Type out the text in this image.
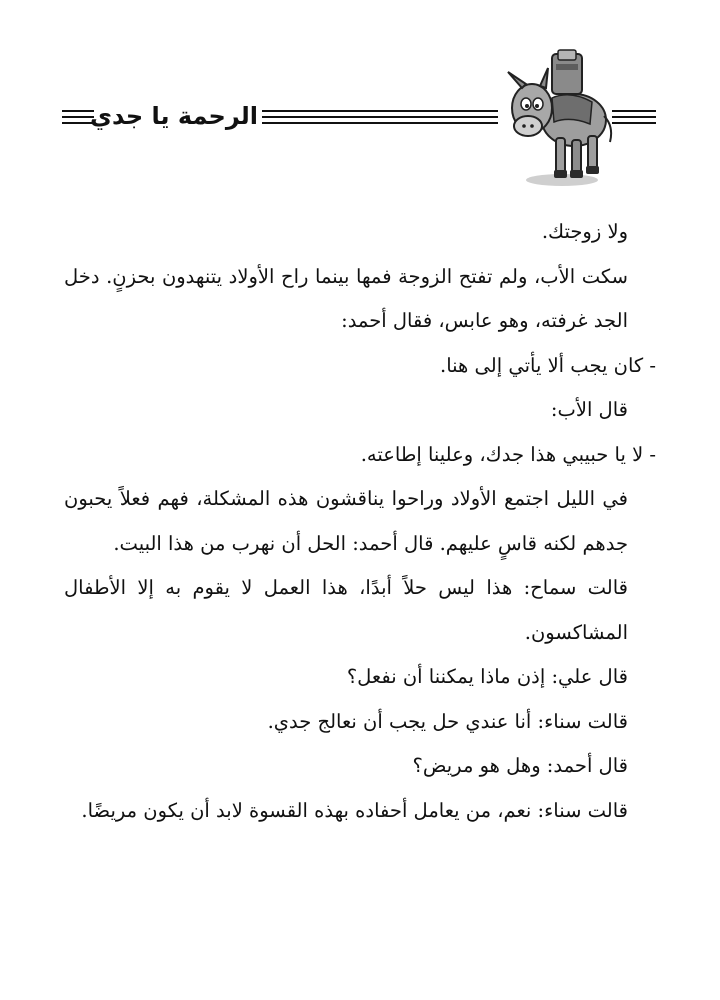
الرحمة يا جدي

ولا زوجتك.

سكت الأب، ولم تفتح الزوجة فمها بينما راح الأولاد يتنهدون بحزنٍ. دخل الجد غرفته، وهو عابس، فقال أحمد:

- كان يجب ألا يأتي إلى هنا.

قال الأب:

- لا يا حبيبي هذا جدك، وعلينا إطاعته.

في الليل اجتمع الأولاد وراحوا يناقشون هذه المشكلة، فهم فعلاً يحبون جدهم لكنه قاسٍ عليهم. قال أحمد: الحل أن نهرب من هذا البيت.

قالت سماح: هذا ليس حلاً أبدًا، هذا العمل لا يقوم به إلا الأطفال المشاكسون.

قال علي: إذن ماذا يمكننا أن نفعل؟

قالت سناء: أنا عندي حل يجب أن نعالج جدي.

قال أحمد: وهل هو مريض؟

قالت سناء: نعم، من يعامل أحفاده بهذه القسوة لابد أن يكون مريضًا.
